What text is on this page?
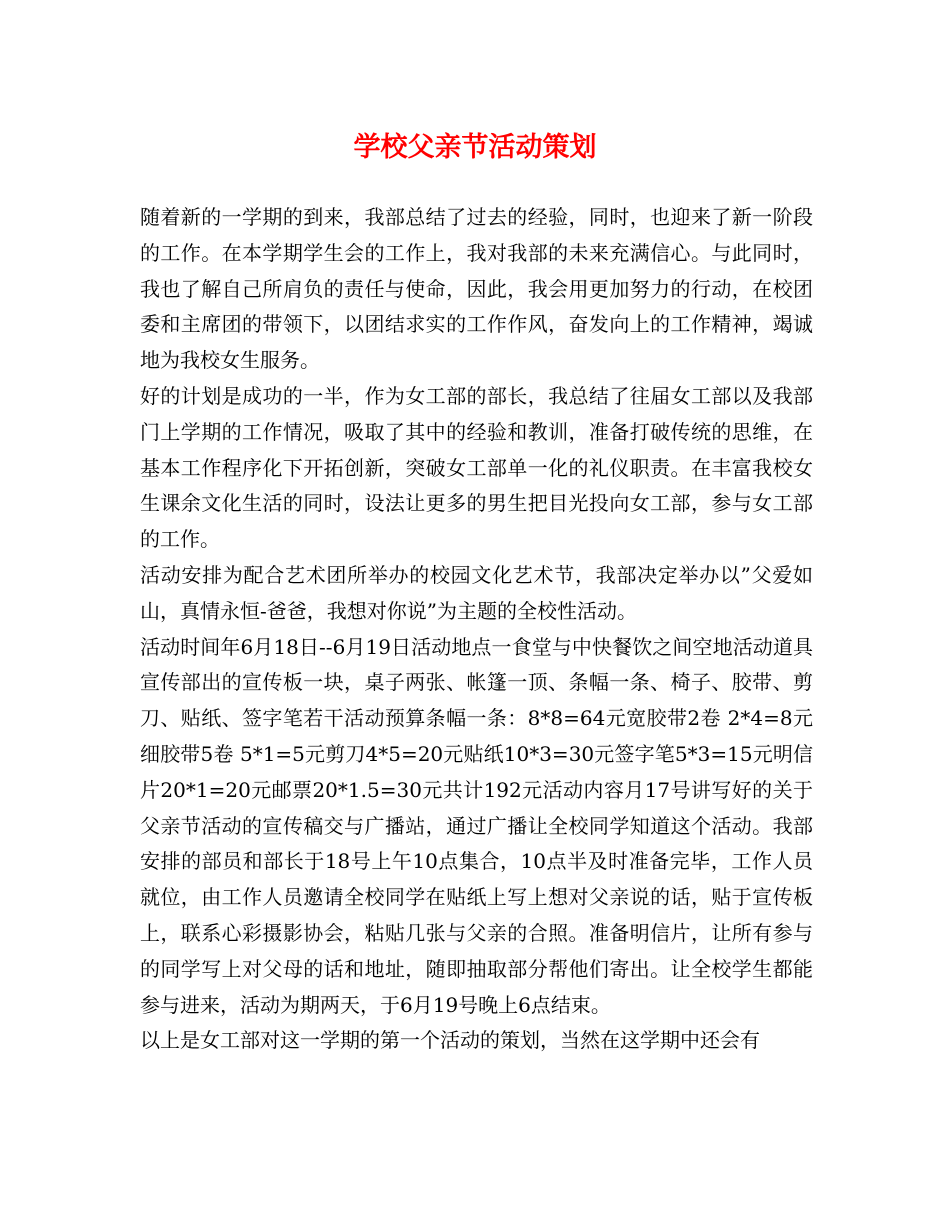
学校父亲节活动策划

随着新的一学期的到来，我部总结了过去的经验，同时，也迎来了新一阶段的工作。在本学期学生会的工作上，我对我部的未来充满信心。与此同时，我也了解自己所肩负的责任与使命，因此，我会用更加努力的行动，在校团委和主席团的带领下，以团结求实的工作作风，奋发向上的工作精神，竭诚地为我校女生服务。

好的计划是成功的一半，作为女工部的部长，我总结了往届女工部以及我部门上学期的工作情况，吸取了其中的经验和教训，准备打破传统的思维，在基本工作程序化下开拓创新，突破女工部单一化的礼仪职责。在丰富我校女生课余文化生活的同时，设法让更多的男生把目光投向女工部，参与女工部的工作。

活动安排为配合艺术团所举办的校园文化艺术节，我部决定举办以”父爱如山，真情永恒-爸爸，我想对你说”为主题的全校性活动。

活动时间年6月18日--6月19日活动地点一食堂与中快餐饮之间空地活动道具宣传部出的宣传板一块，桌子两张、帐篷一顶、条幅一条、椅子、胶带、剪刀、贴纸、签字笔若干活动预算条幅一条：8*8=64元宽胶带2卷 2*4=8元 细胶带5卷 5*1=5元剪刀4*5=20元贴纸10*3=30元签字笔5*3=15元明信片20*1=20元邮票20*1.5=30元共计192元活动内容月17号讲写好的关于父亲节活动的宣传稿交与广播站，通过广播让全校同学知道这个活动。我部安排的部员和部长于18号上午10点集合，10点半及时准备完毕，工作人员就位，由工作人员邀请全校同学在贴纸上写上想对父亲说的话，贴于宣传板上，联系心彩摄影协会，粘贴几张与父亲的合照。准备明信片，让所有参与的同学写上对父母的话和地址，随即抽取部分帮他们寄出。让全校学生都能参与进来，活动为期两天，于6月19号晚上6点结束。

以上是女工部对这一学期的第一个活动的策划，当然在这学期中还会有
